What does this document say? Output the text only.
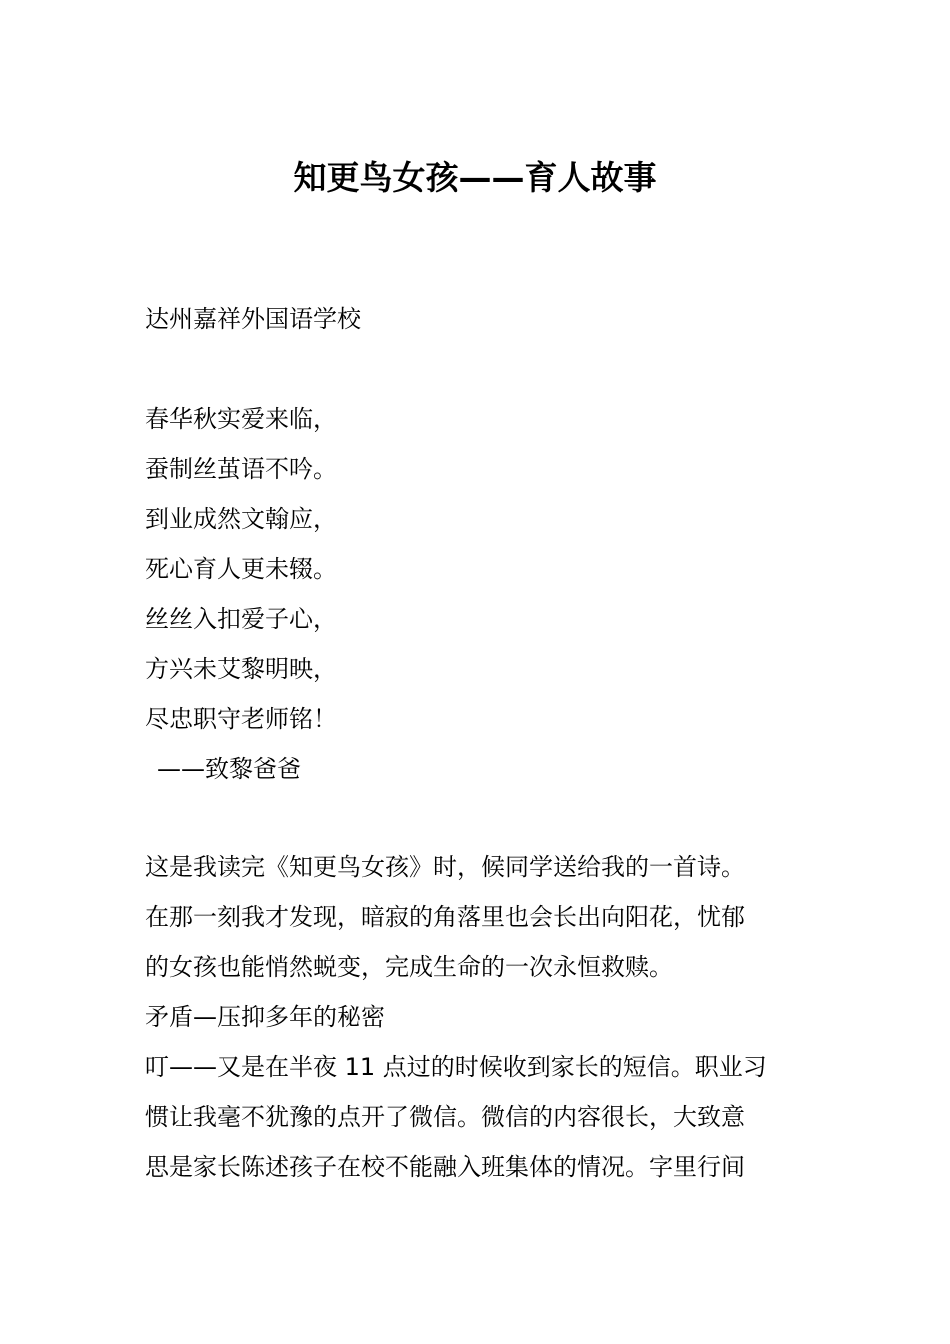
知更鸟女孩——育人故事

达州嘉祥外国语学校

春华秋实爱来临，
蚕制丝茧语不吟。
到业成然文翰应，
死心育人更未辍。
丝丝入扣爱子心，
方兴未艾黎明映，
尽忠职守老师铭！
——致黎爸爸
这是我读完《知更鸟女孩》时，候同学送给我的一首诗。
在那一刻我才发现，暗寂的角落里也会长出向阳花，忧郁
的女孩也能悄然蜕变，完成生命的一次永恒救赎。
矛盾—压抑多年的秘密
叮——又是在半夜 11 点过的时候收到家长的短信。职业习
惯让我毫不犹豫的点开了微信。微信的内容很长，大致意
思是家长陈述孩子在校不能融入班集体的情况。字里行间
